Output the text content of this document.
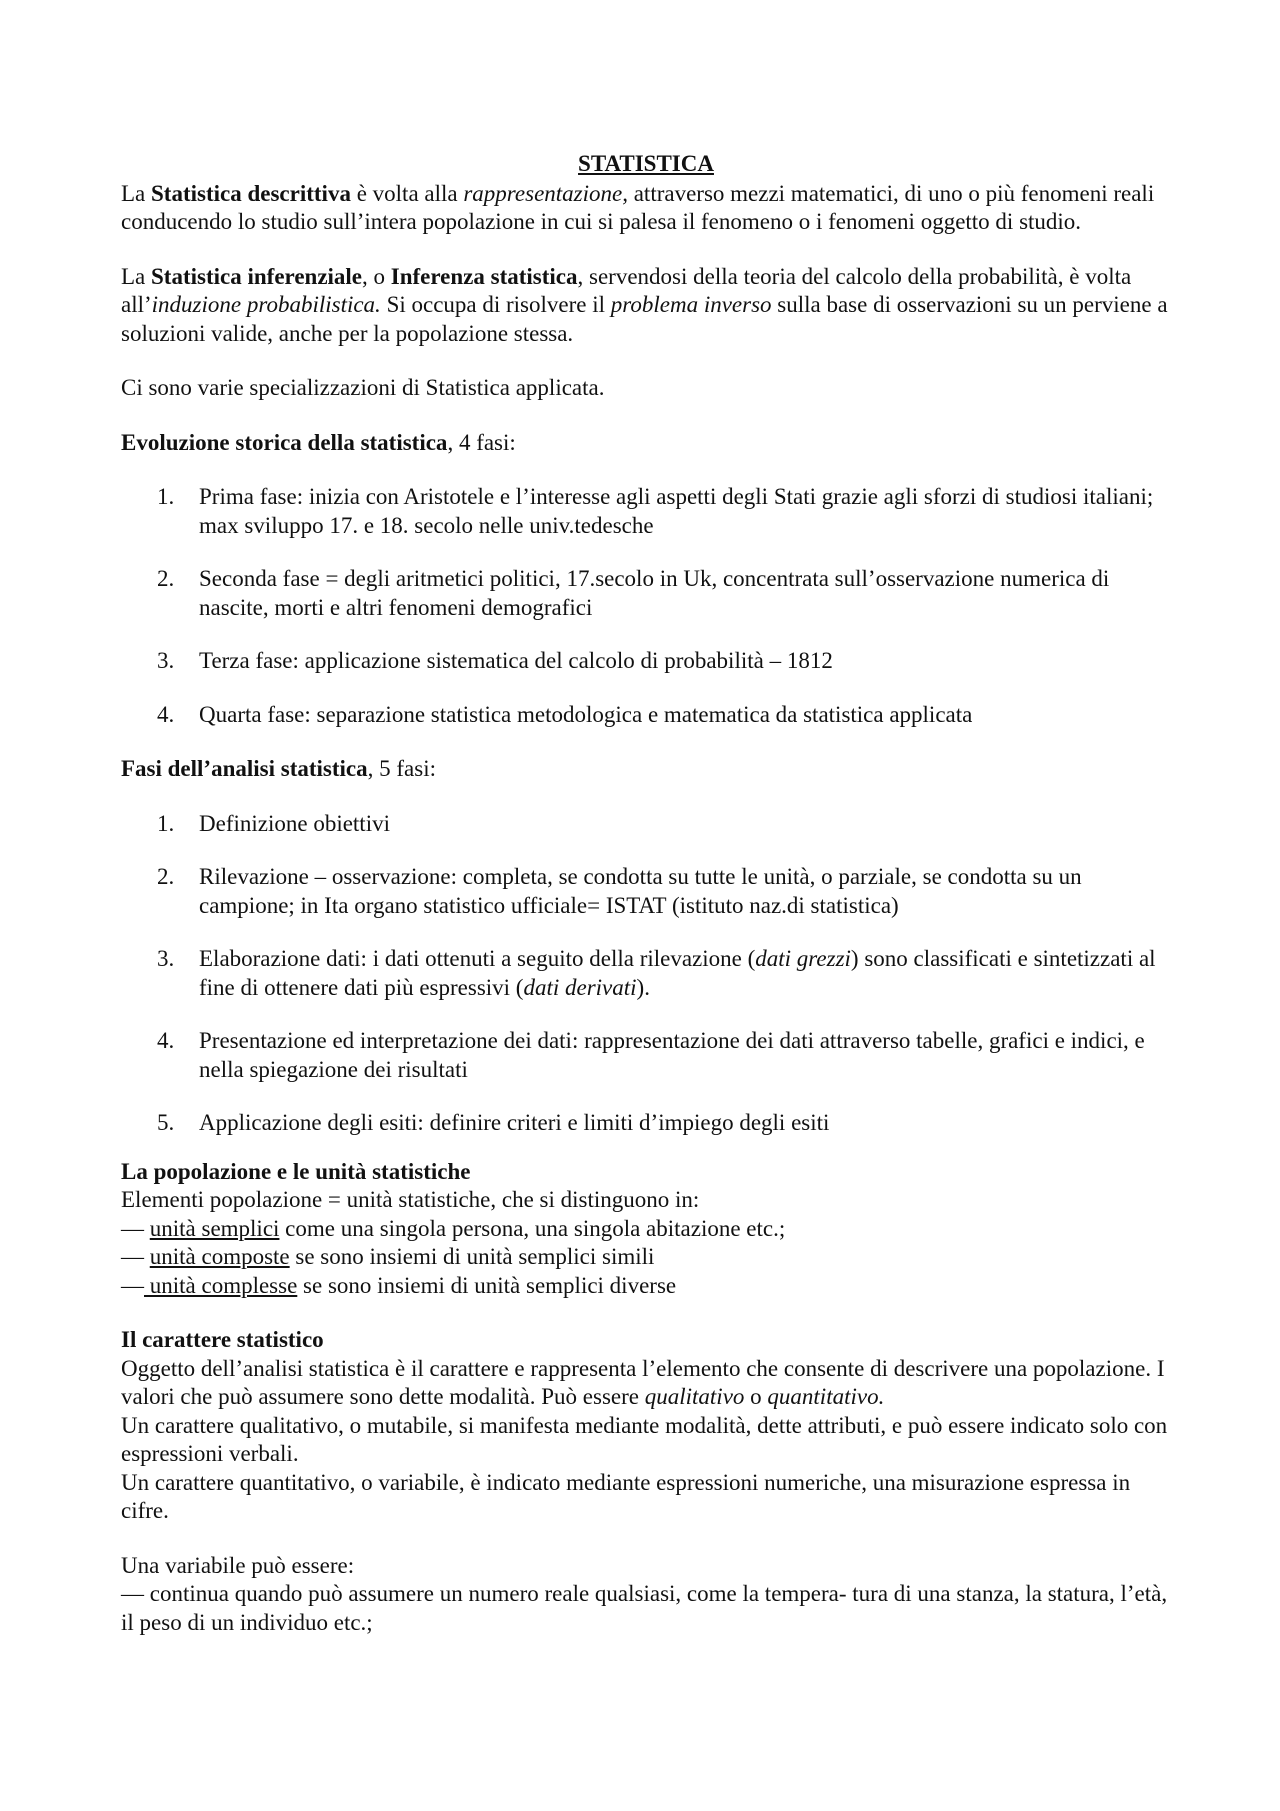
STATISTICA

La Statistica descrittiva è volta alla rappresentazione, attraverso mezzi matematici, di uno o più fenomeni reali conducendo lo studio sull’intera popolazione in cui si palesa il fenomeno o i fenomeni oggetto di studio.

La Statistica inferenziale, o Inferenza statistica, servendosi della teoria del calcolo della probabilità, è volta all’induzione probabilistica. Si occupa di risolvere il problema inverso sulla base di osservazioni su un perviene a soluzioni valide, anche per la popolazione stessa.

Ci sono varie specializzazioni di Statistica applicata.

Evoluzione storica della statistica, 4 fasi:

1. Prima fase: inizia con Aristotele e l’interesse agli aspetti degli Stati grazie agli sforzi di studiosi italiani; max sviluppo 17. e 18. secolo nelle univ.tedesche
2. Seconda fase = degli aritmetici politici, 17.secolo in Uk, concentrata sull’osservazione numerica di nascite, morti e altri fenomeni demografici
3. Terza fase: applicazione sistematica del calcolo di probabilità – 1812
4. Quarta fase: separazione statistica metodologica e matematica da statistica applicata

Fasi dell’analisi statistica, 5 fasi:

1. Definizione obiettivi
2. Rilevazione – osservazione: completa, se condotta su tutte le unità, o parziale, se condotta su un campione; in Ita organo statistico ufficiale= ISTAT (istituto naz.di statistica)
3. Elaborazione dati: i dati ottenuti a seguito della rilevazione (dati grezzi) sono classificati e sintetizzati al fine di ottenere dati più espressivi (dati derivati).
4. Presentazione ed interpretazione dei dati: rappresentazione dei dati attraverso tabelle, grafici e indici, e nella spiegazione dei risultati
5. Applicazione degli esiti: definire criteri e limiti d’impiego degli esiti

La popolazione e le unità statistiche

Elementi popolazione = unità statistiche, che si distinguono in:

— unità semplici come una singola persona, una singola abitazione etc.;

— unità composte se sono insiemi di unità semplici simili

— unità complesse se sono insiemi di unità semplici diverse

Il carattere statistico

Oggetto dell’analisi statistica è il carattere e rappresenta l’elemento che consente di descrivere una popolazione. I valori che può assumere sono dette modalità. Può essere qualitativo o quantitativo.

Un carattere qualitativo, o mutabile, si manifesta mediante modalità, dette attributi, e può essere indicato solo con espressioni verbali.

Un carattere quantitativo, o variabile, è indicato mediante espressioni numeriche, una misurazione espressa in cifre.

Una variabile può essere:

— continua quando può assumere un numero reale qualsiasi, come la tempera- tura di una stanza, la statura, l’età, il peso di un individuo etc.;
